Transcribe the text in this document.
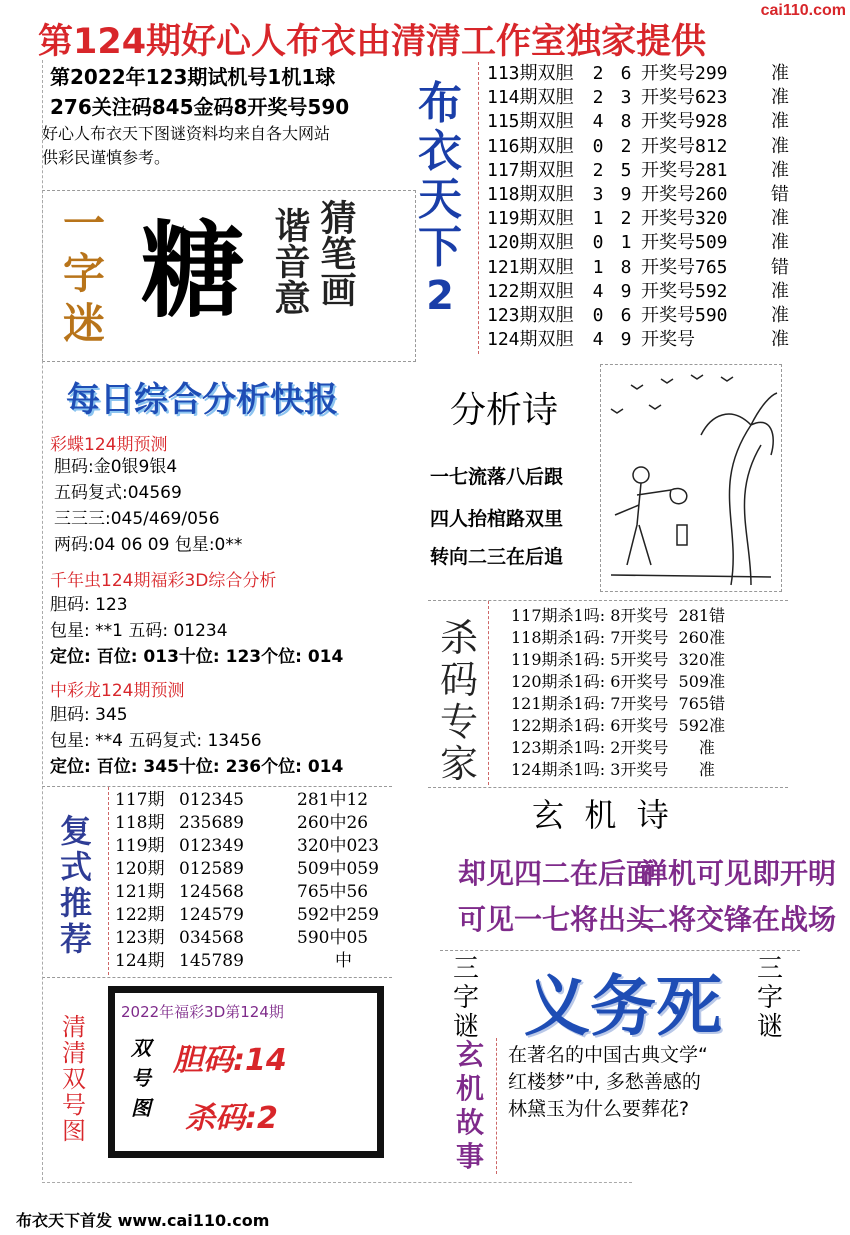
第124期好心人布衣由清清工作室独家提供
cai110.com
第2022年123期试机号1机1球
276关注码845金码8开奖号590
好心人布衣天下图谜资料均来自各大网站
供彩民谨慎参考。
一
字
迷 糖 谐音意 猜笔画
布
衣
天
下
2
113期双胆 2 6 开奖号299 准
114期双胆 2 3 开奖号623 准
115期双胆 4 8 开奖号928 准
116期双胆 0 2 开奖号812 准
117期双胆 2 5 开奖号281 准
118期双胆 3 9 开奖号260 错
119期双胆 1 2 开奖号320 准
120期双胆 0 1 开奖号509 准
121期双胆 1 8 开奖号765 错
122期双胆 4 9 开奖号592 准
123期双胆 0 6 开奖号590 准
124期双胆 4 9 开奖号	准
每日综合分析快报
彩蝶124期预测
胆码:金0银9银4
五码复式:04569
三三三:045/469/056
两码:04 06 09 包星:0**
千年虫124期福彩3D综合分析
胆码: 123
包星: **1 五码: 01234
定位: 百位: 013十位: 123个位: 014
中彩龙124期预测
胆码: 345
包星: **4 五码复式: 13456
定位: 百位: 345十位: 236个位: 014
分析诗
一七流落八后跟
四人抬棺路双里
转向二三在后追
杀
码
专
家
117期杀1吗: 8开奖号  281错
118期杀1码: 7开奖号  260准
119期杀1码: 5开奖号  320准
120期杀1码: 6开奖号  509准
121期杀1码: 7开奖号  765错
122期杀1码: 6开奖号  592准
123期杀1吗: 2开奖号      准
124期杀1吗: 3开奖号      准
复
式
推
荐
117期 012345	281中12
118期 235689	260中26
119期 012349	320中023
120期 012589	509中059
121期 124568	765中56
122期 124579	592中259
123期 034568	590中05
124期 145789	中
玄  机  诗
却见四二在后面
禅机可见即开明
可见一七将出头
二将交锋在战场
三
字
谜 义务死 三
字
谜
玄
机
故
事
在著名的中国古典文学“
红楼梦”中, 多愁善感的
林黛玉为什么要葬花?
清
清
双
号
图
2022年福彩3D第124期
双
号
图
胆码:14
杀码:2
布衣天下首发 www.cai110.com
